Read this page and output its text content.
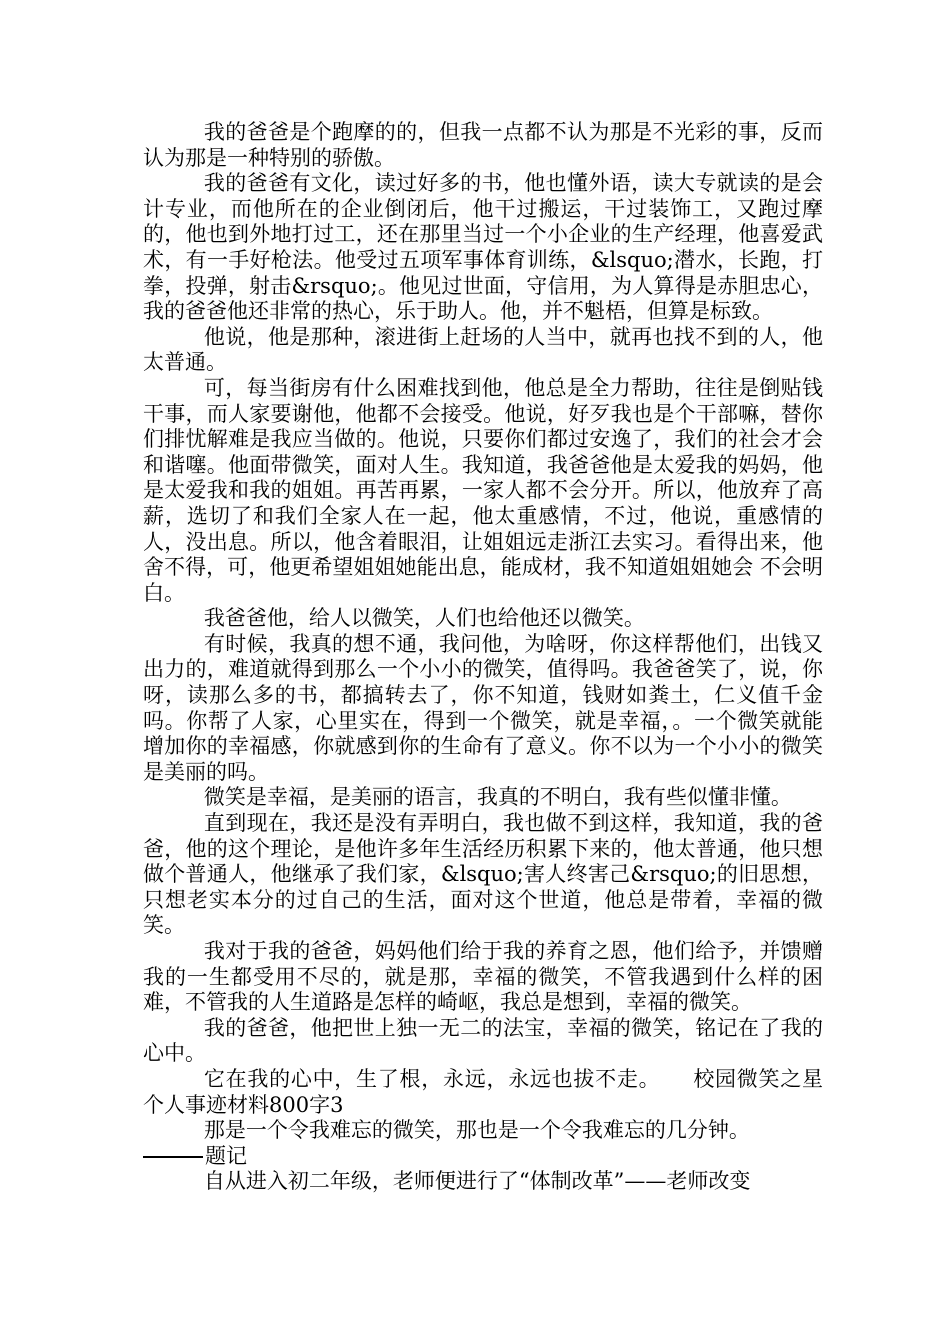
我的爸爸是个跑摩的的，但我一点都不认为那是不光彩的事，反而认为那是一种特别的骄傲。

我的爸爸有文化，读过好多的书，他也懂外语，读大专就读的是会计专业，而他所在的企业倒闭后，他干过搬运，干过装饰工，又跑过摩的，他也到外地打过工，还在那里当过一个小企业的生产经理，他喜爱武术，有一手好枪法。他受过五项军事体育训练，&lsquo;潜水，长跑，打拳，投弹，射击&rsquo;。他见过世面，守信用，为人算得是赤胆忠心，我的爸爸他还非常的热心，乐于助人。他，并不魁梧，但算是标致。

他说，他是那种，滚进街上赶场的人当中，就再也找不到的人，他太普通。

可，每当街房有什么困难找到他，他总是全力帮助，往往是倒贴钱干事，而人家要谢他，他都不会接受。他说，好歹我也是个干部嘛，替你们排忧解难是我应当做的。他说，只要你们都过安逸了，我们的社会才会和谐噻。他面带微笑，面对人生。我知道，我爸爸他是太爱我的妈妈，他是太爱我和我的姐姐。再苦再累，一家人都不会分开。所以，他放弃了高薪，选切了和我们全家人在一起，他太重感情，不过，他说，重感情的人，没出息。所以，他含着眼泪，让姐姐远走浙江去实习。看得出来，他舍不得，可，他更希望姐姐她能出息，能成材，我不知道姐姐她会 不会明白。

我爸爸他，给人以微笑，人们也给他还以微笑。

有时候，我真的想不通，我问他，为啥呀，你这样帮他们，出钱又出力的，难道就得到那么一个小小的微笑，值得吗。我爸爸笑了，说，你呀，读那么多的书，都搞转去了，你不知道，钱财如粪土，仁义值千金吗。你帮了人家，心里实在，得到一个微笑，就是幸福，。一个微笑就能增加你的幸福感，你就感到你的生命有了意义。你不以为一个小小的微笑是美丽的吗。

微笑是幸福，是美丽的语言，我真的不明白，我有些似懂非懂。

直到现在，我还是没有弄明白，我也做不到这样，我知道，我的爸爸，他的这个理论，是他许多年生活经历积累下来的，他太普通，他只想做个普通人，他继承了我们家，&lsquo;害人终害己&rsquo;的旧思想，只想老实本分的过自己的生活，面对这个世道，他总是带着，幸福的微笑。

我对于我的爸爸，妈妈他们给于我的养育之恩，他们给予，并馈赠我的一生都受用不尽的，就是那，幸福的微笑，不管我遇到什么样的困难，不管我的人生道路是怎样的崎岖，我总是想到，幸福的微笑。

我的爸爸，他把世上独一无二的法宝，幸福的微笑，铭记在了我的心中。

它在我的心中，生了根，永远，永远也拔不走。　　校园微笑之星个人事迹材料800字3

那是一个令我难忘的微笑，那也是一个令我难忘的几分钟。

题记

自从进入初二年级，老师便进行了“体制改革”——老师改变
